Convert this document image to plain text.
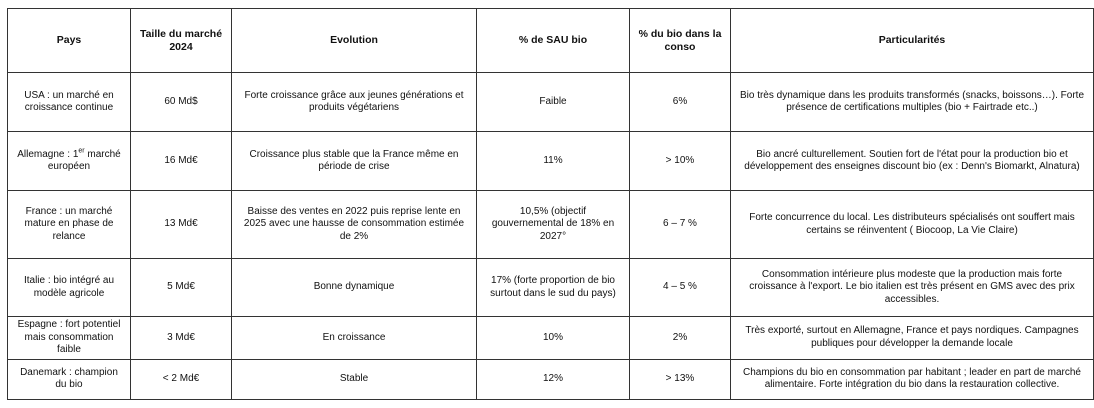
Pays	Taille du marché 2024	Evolution	% de SAU bio	% du bio dans la conso	Particularités
USA : un marché en croissance continue	60 Md$	Forte croissance grâce aux jeunes générations et produits végétariens	Faible	6%	Bio très dynamique dans les produits transformés (snacks, boissons…). Forte présence de certifications multiples (bio + Fairtrade etc..)
Allemagne : 1er marché européen	16 Md€	Croissance plus stable que la France même en période de crise	11%	> 10%	Bio ancré culturellement. Soutien fort de l'état pour la production bio et développement des enseignes discount bio (ex : Denn's Biomarkt, Alnatura)
France : un marché mature en phase de relance	13 Md€	Baisse des ventes en 2022 puis reprise lente en 2025 avec une hausse de consommation estimée de 2%	10,5% (objectif gouvernemental de 18% en 2027°	6 – 7 %	Forte concurrence du local. Les distributeurs spécialisés ont souffert mais certains se réinventent ( Biocoop, La Vie Claire)
Italie : bio intégré au modèle agricole	5 Md€	Bonne dynamique	17% (forte proportion de bio surtout dans le sud du pays)	4 – 5 %	Consommation intérieure plus modeste que la production mais forte croissance à l'export. Le bio italien est très présent en GMS avec des prix accessibles.
Espagne : fort potentiel mais consommation faible	3 Md€	En croissance	10%	2%	Très exporté, surtout en Allemagne, France et pays nordiques. Campagnes publiques pour développer la demande locale
Danemark : champion du bio	< 2 Md€	Stable	12%	> 13%	Champions du bio en consommation par habitant ; leader en part de marché alimentaire. Forte intégration du bio dans la restauration collective.
